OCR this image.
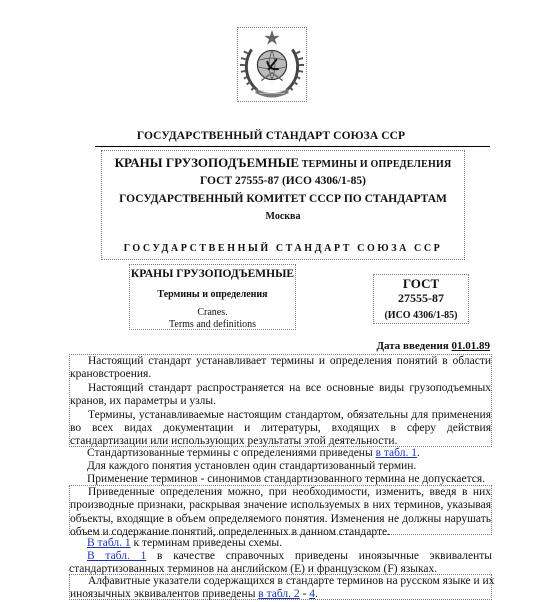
ГОСУДАРСТВЕННЫЙ СТАНДАРТ СОЮЗА ССР
КРАНЫ ГРУЗОПОДЪЕМНЫЕ ТЕРМИНЫ И ОПРЕДЕЛЕНИЯ
ГОСТ 27555-87 (ИСО 4306/1-85)
ГОСУДАРСТВЕННЫЙ КОМИТЕТ СССР ПО СТАНДАРТАМ
Москва
ГОСУДАРСТВЕННЫЙ СТАНДАРТ СОЮЗА ССР
КРАНЫ ГРУЗОПОДЪЕМНЫЕ
Термины и определения
Cranes.
Terms and definitions
ГОСТ
27555-87
(ИСО 4306/1-85)
Дата введения 01.01.89

Настоящий стандарт устанавливает термины и определения понятий в области крановстроения.

Настоящий стандарт распространяется на все основные виды грузоподъемных кранов, их параметры и узлы.

Термины, устанавливаемые настоящим стандартом, обязательны для применения во всех видах документации и литературы, входящих в сферу действия стандартизации или использующих результаты этой деятельности.

Стандартизованные термины с определениями приведены в табл. 1.
Для каждого понятия установлен один стандартизованный термин.
Применение терминов - синонимов стандартизованного термина не допускается.

Приведенные определения можно, при необходимости, изменить, введя в них производные признаки, раскрывая значение используемых в них терминов, указывая объекты, входящие в объем определяемого понятия. Изменения не должны нарушать объем и содержание понятий, определенных в данном стандарте.

В табл. 1 к терминам приведены схемы.
В табл. 1 в качестве справочных приведены иноязычные эквиваленты
стандартизованных терминов на английском (Е) и французском (F) языках.
Алфавитные указатели содержащихся в стандарте терминов на русском языке и их
иноязычных эквивалентов приведены в табл. 2 - 4.
